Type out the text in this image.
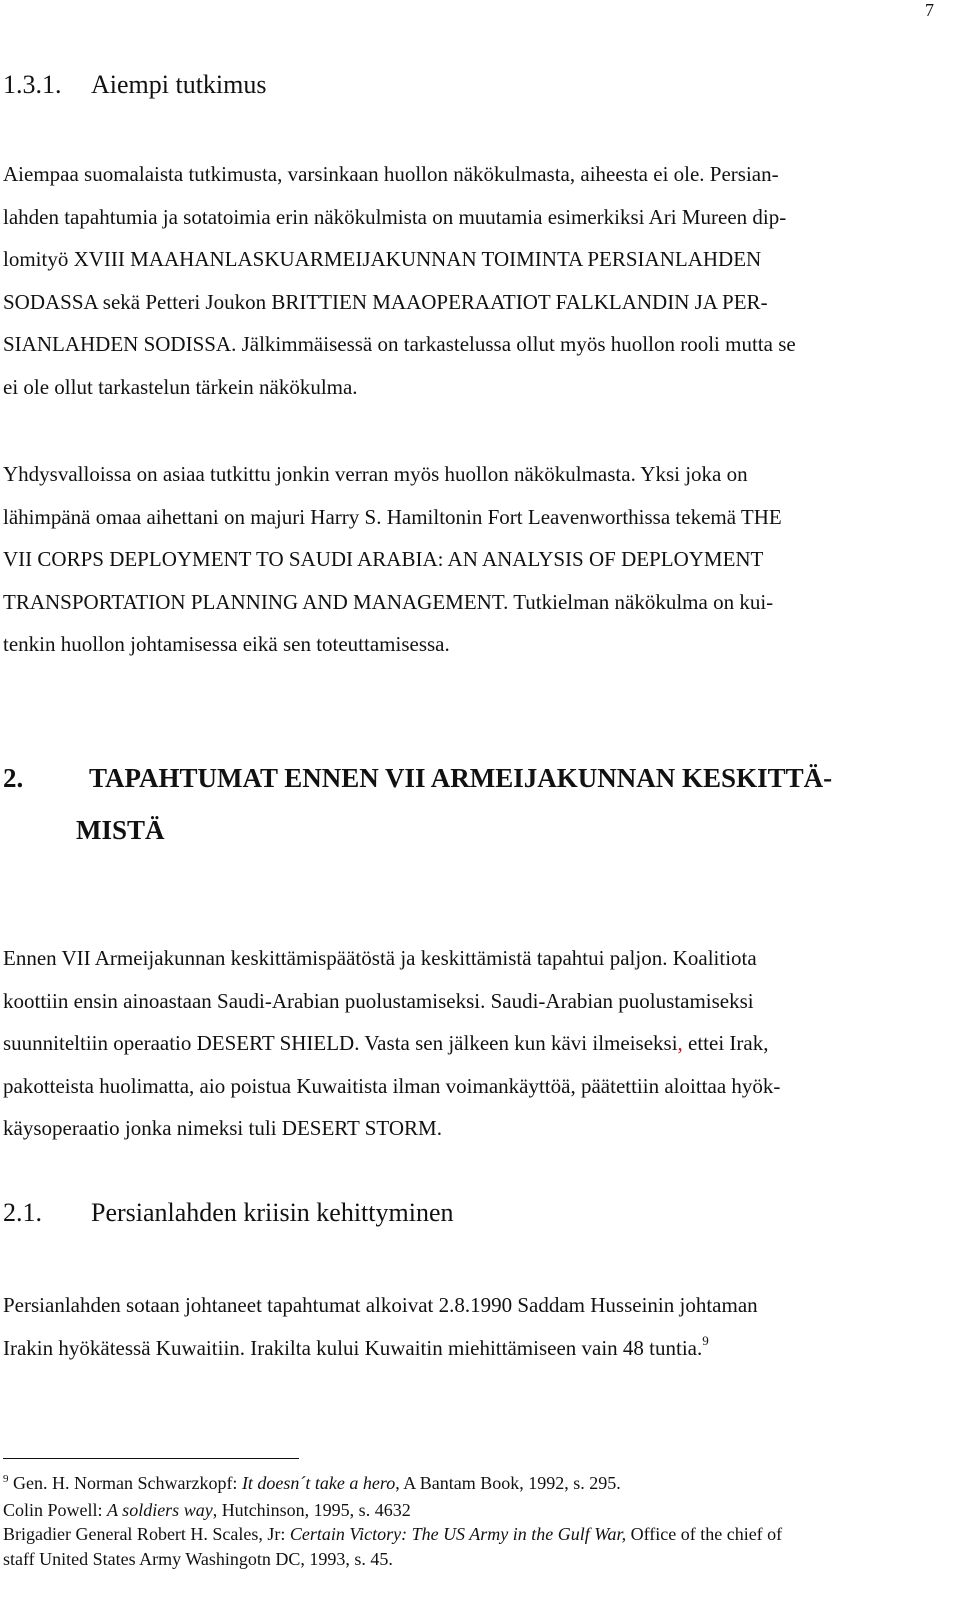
7
1.3.1. Aiempi tutkimus
Aiempaa suomalaista tutkimusta, varsinkaan huollon näkökulmasta, aiheesta ei ole. Persian-
lahden tapahtumia ja sotatoimia erin näkökulmista on muutamia esimerkiksi Ari Mureen dip-
lomityö XVIII MAAHANLASKUARMEIJAKUNNAN TOIMINTA PERSIANLAHDEN
SODASSA sekä Petteri Joukon BRITTIEN MAAOPERAATIOT FALKLANDIN JA PER-
SIANLAHDEN SODISSA. Jälkimmäisessä on tarkastelussa ollut myös huollon rooli mutta se
ei ole ollut tarkastelun tärkein näkökulma.
Yhdysvalloissa on asiaa tutkittu jonkin verran myös huollon näkökulmasta. Yksi joka on
lähimpänä omaa aihettani on majuri Harry S. Hamiltonin Fort Leavenworthissa tekemä THE
VII CORPS DEPLOYMENT TO SAUDI ARABIA: AN ANALYSIS OF DEPLOYMENT
TRANSPORTATION PLANNING AND MANAGEMENT. Tutkielman näkökulma on kui-
tenkin huollon johtamisessa eikä sen toteuttamisessa.
2. TAPAHTUMAT ENNEN VII ARMEIJAKUNNAN KESKITTÄ-
MISTÄ
Ennen VII Armeijakunnan keskittämispäätöstä ja keskittämistä tapahtui paljon. Koalitiota
koottiin ensin ainoastaan Saudi-Arabian puolustamiseksi. Saudi-Arabian puolustamiseksi
suunniteltiin operaatio DESERT SHIELD. Vasta sen jälkeen kun kävi ilmeiseksi, ettei Irak,
pakotteista huolimatta, aio poistua Kuwaitista ilman voimankäyttöä, päätettiin aloittaa hyök-
käysoperaatio jonka nimeksi tuli DESERT STORM.
2.1. Persianlahden kriisin kehittyminen
Persianlahden sotaan johtaneet tapahtumat alkoivat 2.8.1990 Saddam Husseinin johtaman
Irakin hyökätessä Kuwaitiin. Irakilta kului Kuwaitin miehittämiseen vain 48 tuntia.$^9$
$^9$ Gen. H. Norman Schwarzkopf: It doesn´t take a hero, A Bantam Book, 1992, s. 295.
Colin Powell: A soldiers way, Hutchinson, 1995, s. 4632
Brigadier General Robert H. Scales, Jr: Certain Victory: The US Army in the Gulf War, Office of the chief of
staff United States Army Washingotn DC, 1993, s. 45.
